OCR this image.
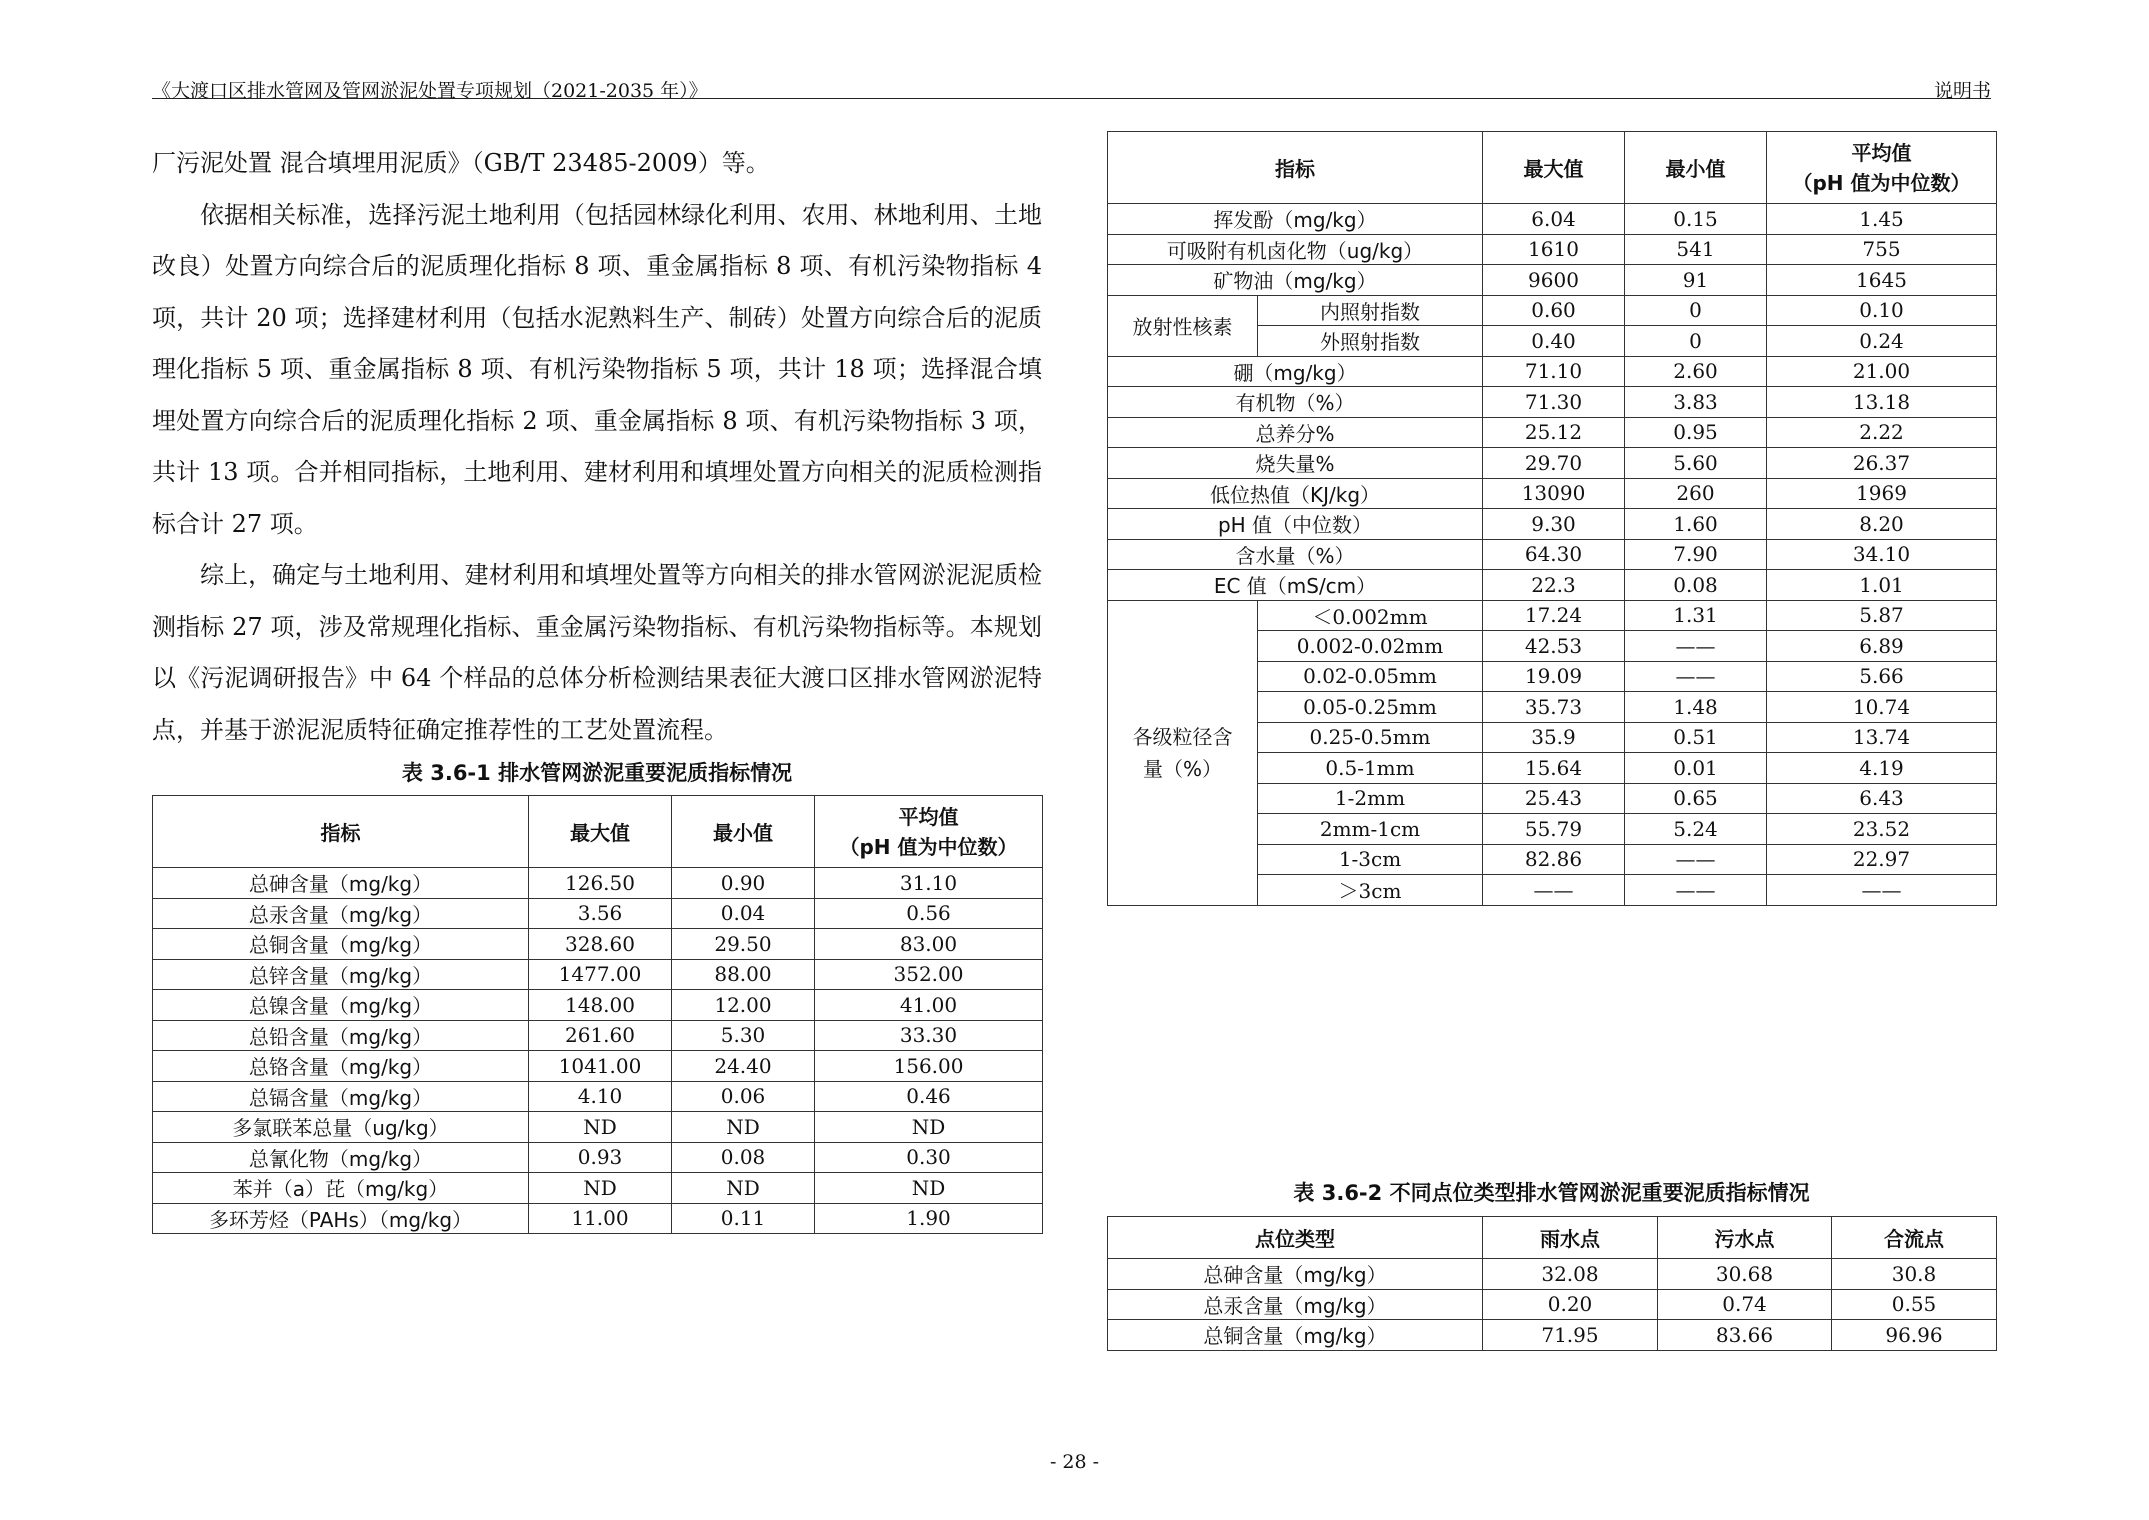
《大渡口区排水管网及管网淤泥处置专项规划（2021-2035 年）》	说明书

厂污泥处置 混合填埋用泥质》（GB/T 23485-2009）等。

依据相关标准，选择污泥土地利用（包括园林绿化利用、农用、林地利用、土地改良）处置方向综合后的泥质理化指标 8 项、重金属指标 8 项、有机污染物指标 4 项，共计 20 项；选择建材利用（包括水泥熟料生产、制砖）处置方向综合后的泥质理化指标 5 项、重金属指标 8 项、有机污染物指标 5 项，共计 18 项；选择混合填埋处置方向综合后的泥质理化指标 2 项、重金属指标 8 项、有机污染物指标 3 项，共计 13 项。合并相同指标，土地利用、建材利用和填埋处置方向相关的泥质检测指标合计 27 项。

综上，确定与土地利用、建材利用和填埋处置等方向相关的排水管网淤泥泥质检测指标 27 项，涉及常规理化指标、重金属污染物指标、有机污染物指标等。本规划以《污泥调研报告》中 64 个样品的总体分析检测结果表征大渡口区排水管网淤泥特点，并基于淤泥泥质特征确定推荐性的工艺处置流程。

表 3.6-1 排水管网淤泥重要泥质指标情况

指标	最大值	最小值	平均值
（pH 值为中位数）

总砷含量（mg/kg）	126.50	0.90	31.10
总汞含量（mg/kg）	3.56	0.04	0.56
总铜含量（mg/kg）	328.60	29.50	83.00
总锌含量（mg/kg）	1477.00	88.00	352.00
总镍含量（mg/kg）	148.00	12.00	41.00
总铅含量（mg/kg）	261.60	5.30	33.30
总铬含量（mg/kg）	1041.00	24.40	156.00
总镉含量（mg/kg）	4.10	0.06	0.46
多氯联苯总量（ug/kg）	ND	ND	ND
总氰化物（mg/kg）	0.93	0.08	0.30
苯并（a）芘（mg/kg）	ND	ND	ND
多环芳烃（PAHs）（mg/kg）	11.00	0.11	1.90
指标		最大值	最小值	平均值
（pH 值为中位数）

挥发酚（mg/kg）		6.04	0.15	1.45
可吸附有机卤化物（ug/kg）		1610	541	755
矿物油（mg/kg）		9600	91	1645
放射性核素	内照射指数	0.60	0	0.10
	外照射指数	0.40	0	0.24
硼（mg/kg）		71.10	2.60	21.00
有机物（%）		71.30	3.83	13.18
总养分%		25.12	0.95	2.22
烧失量%		29.70	5.60	26.37
低位热值（KJ/kg）		13090	260	1969
pH 值（中位数）		9.30	1.60	8.20
含水量（%）		64.30	7.90	34.10
EC 值（mS/cm）		22.3	0.08	1.01

各级粒径含
量（%）	＜0.002mm	17.24	1.31	5.87
	0.002-0.02mm	42.53	——	6.89
	0.02-0.05mm	19.09	——	5.66
	0.05-0.25mm	35.73	1.48	10.74
	0.25-0.5mm	35.9	0.51	13.74
	0.5-1mm	15.64	0.01	4.19
	1-2mm	25.43	0.65	6.43
	2mm-1cm	55.79	5.24	23.52
	1-3cm	82.86	——	22.97
	＞3cm	——	——	——

表 3.6-2 不同点位类型排水管网淤泥重要泥质指标情况

点位类型	雨水点	污水点	合流点
总砷含量（mg/kg）	32.08	30.68	30.8
总汞含量（mg/kg）	0.20	0.74	0.55
总铜含量（mg/kg）	71.95	83.66	96.96
- 28 -
